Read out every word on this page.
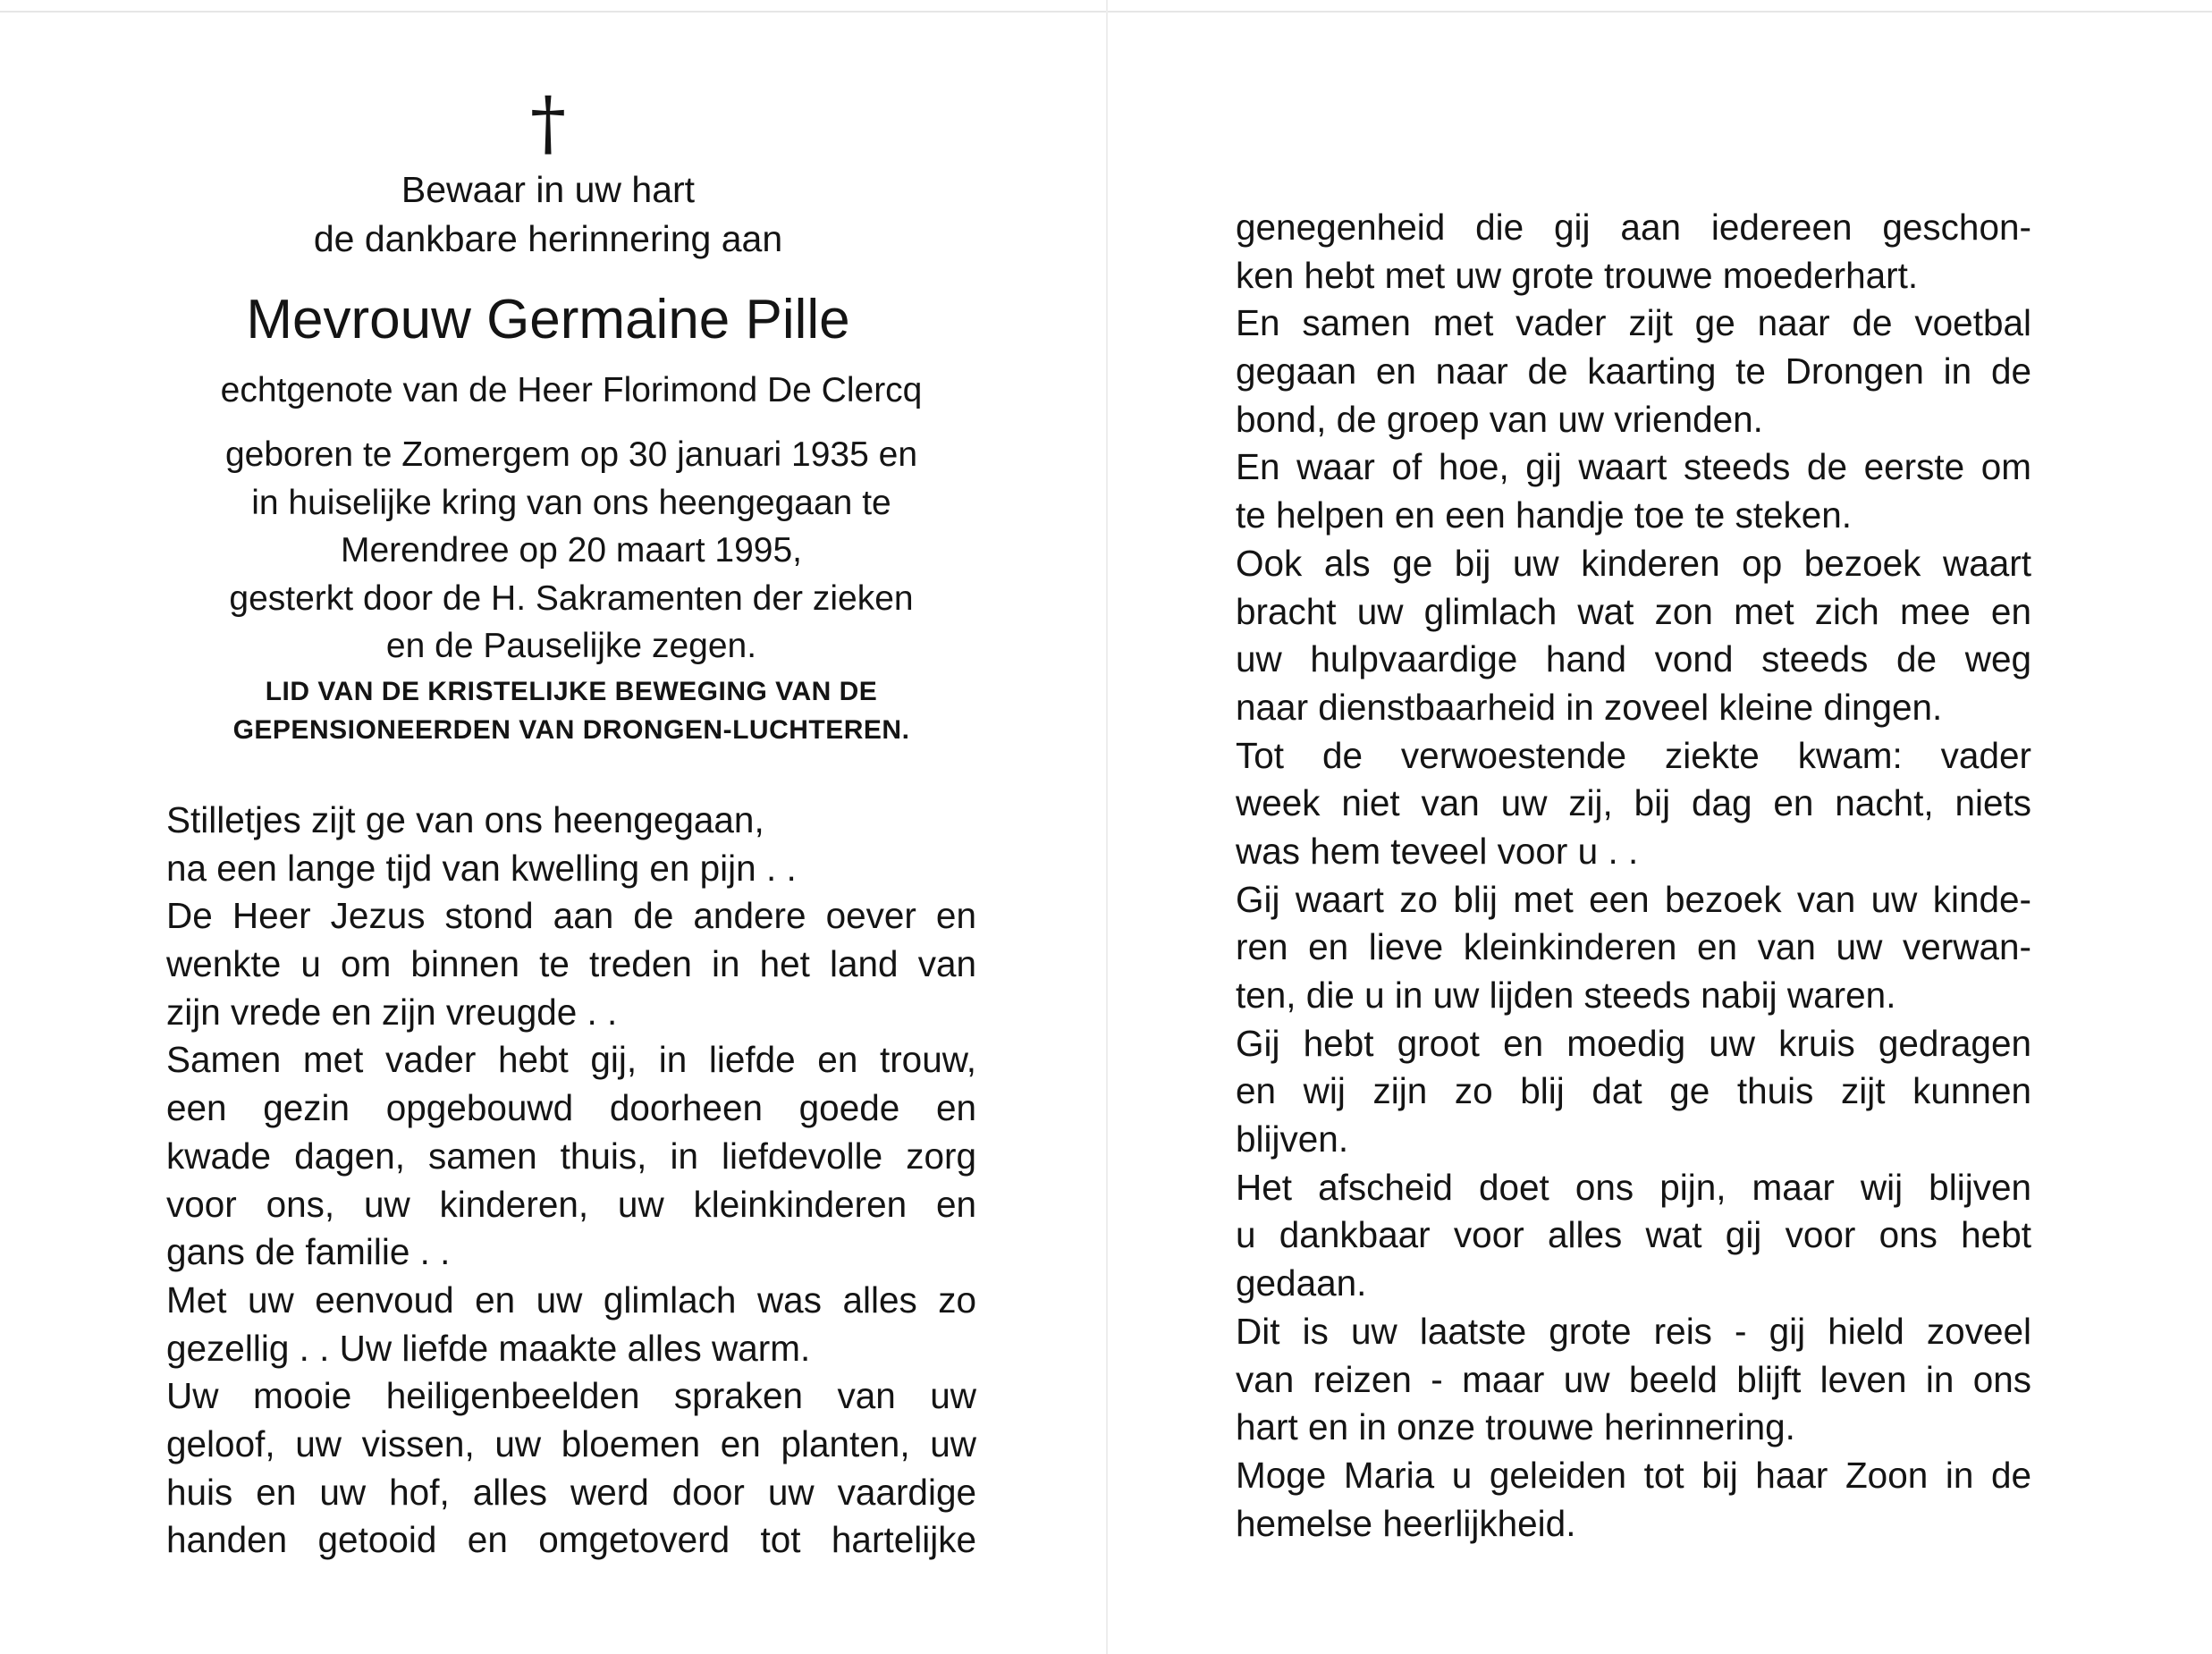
†
Bewaar in uw hart
de dankbare herinnering aan
Mevrouw Germaine Pille
echtgenote van de Heer Florimond De Clercq
geboren te Zomergem op 30 januari 1935 en
in huiselijke kring van ons heengegaan te
Merendree op 20 maart 1995,
gesterkt door de H. Sakramenten der zieken
en de Pauselijke zegen.
LID VAN DE KRISTELIJKE BEWEGING VAN DE
GEPENSIONEERDEN VAN DRONGEN-LUCHTEREN.
Stilletjes zijt ge van ons heengegaan,
na een lange tijd van kwelling en pijn . .
De Heer Jezus stond aan de andere oever en
wenkte u om binnen te treden in het land van
zijn vrede en zijn vreugde . .
Samen met vader hebt gij, in liefde en trouw,
een gezin opgebouwd doorheen goede en
kwade dagen, samen thuis, in liefdevolle zorg
voor ons, uw kinderen, uw kleinkinderen en
gans de familie . .
Met uw eenvoud en uw glimlach was alles zo
gezellig . . Uw liefde maakte alles warm.
Uw mooie heiligenbeelden spraken van uw
geloof, uw vissen, uw bloemen en planten, uw
huis en uw hof, alles werd door uw vaardige
handen getooid en omgetoverd tot hartelijke
genegenheid die gij aan iedereen geschon-
ken hebt met uw grote trouwe moederhart.
En samen met vader zijt ge naar de voetbal
gegaan en naar de kaarting te Drongen in de
bond, de groep van uw vrienden.
En waar of hoe, gij waart steeds de eerste om
te helpen en een handje toe te steken.
Ook als ge bij uw kinderen op bezoek waart
bracht uw glimlach wat zon met zich mee en
uw hulpvaardige hand vond steeds de weg
naar dienstbaarheid in zoveel kleine dingen.
Tot de verwoestende ziekte kwam: vader
week niet van uw zij, bij dag en nacht, niets
was hem teveel voor u . .
Gij waart zo blij met een bezoek van uw kinde-
ren en lieve kleinkinderen en van uw verwan-
ten, die u in uw lijden steeds nabij waren.
Gij hebt groot en moedig uw kruis gedragen
en wij zijn zo blij dat ge thuis zijt kunnen
blijven.
Het afscheid doet ons pijn, maar wij blijven
u dankbaar voor alles wat gij voor ons hebt
gedaan.
Dit is uw laatste grote reis - gij hield zoveel
van reizen - maar uw beeld blijft leven in ons
hart en in onze trouwe herinnering.
Moge Maria u geleiden tot bij haar Zoon in de
hemelse heerlijkheid.
